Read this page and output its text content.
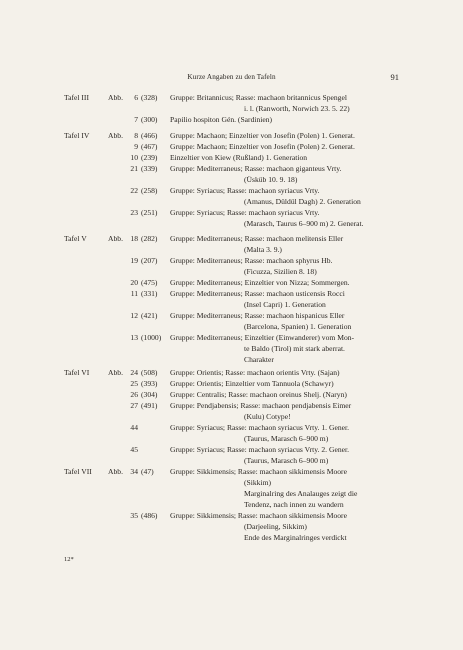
Kurze Angaben zu den Tafeln	91
Tafel III	Abb.	6 (328) Gruppe: Britannicus; Rasse: machaon britannicus Spengel
i. l. (Ranworth, Norwich 23. 5. 22)
7 (300) Papilio hospiton Gén. (Sardinien)
Tafel IV Abb.	8 (466) Gruppe: Machaon; Einzeltier von Josefin (Polen) 1. Generat.
9 (467) Gruppe: Machaon; Einzeltier von Josefin (Polen) 2. Generat.
10 (239) Einzeltier von Kiew (Rußland) 1. Generation
21 (339) Gruppe: Mediterraneus; Rasse: machaon giganteus Vrty.
(Üsküb 10. 9. 18)
22 (258) Gruppe: Syriacus; Rasse: machaon syriacus Vrty.
(Amanus, Düldül Dagh) 2. Generation
23 (251) Gruppe: Syriacus; Rasse: machaon syriacus Vrty.
(Marasch, Taurus 6–900 m) 2. Generat.
Tafel V	Abb. 18 (282) Gruppe: Mediterraneus; Rasse: machaon melitensis Eller
(Malta 3. 9.)
19 (207) Gruppe: Mediterraneus; Rasse: machaon sphyrus Hb.
(Ficuzza, Sizilien 8. 18)
20 (475) Gruppe: Mediterraneus; Einzeltier von Nizza; Sommergen.
11 (331) Gruppe: Mediterraneus; Rasse: machaon usticensis Rocci
(Insel Capri) 1. Generation
12 (421) Gruppe: Mediterraneus; Rasse: machaon hispanicus Eller
(Barcelona, Spanien) 1. Generation
13 (1000) Gruppe: Mediterraneus; Einzeltier (Einwanderer) vom Mon-
te Baldo (Tirol) mit stark aberrat.
Charakter
Tafel VI Abb. 24 (508) Gruppe: Orientis; Rasse: machaon orientis Vrty. (Sajan)
25 (393) Gruppe: Orientis; Einzeltier vom Tannuola (Schawyr)
26 (304) Gruppe: Centralis; Rasse: machaon oreinus Shelj. (Naryn)
27 (491) Gruppe: Pendjabensis; Rasse: machaon pendjabensis Eimer
(Kulu) Cotype!
44	Gruppe: Syriacus; Rasse: machaon syriacus Vrty. 1. Gener.
(Taurus, Marasch 6–900 m)
45	Gruppe: Syriacus; Rasse: machaon syriacus Vrty. 2. Gener.
(Taurus, Marasch 6–900 m)
Tafel VII Abb. 34 (47) Gruppe: Sikkimensis; Rasse: machaon sikkimensis Moore
(Sikkim)
Marginalring des Analauges zeigt die
Tendenz, nach innen zu wandern
35 (486) Gruppe: Sikkimensis; Rasse: machaon sikkimensis Moore
(Darjeeling, Sikkim)
Ende des Marginalringes verdickt
12*
